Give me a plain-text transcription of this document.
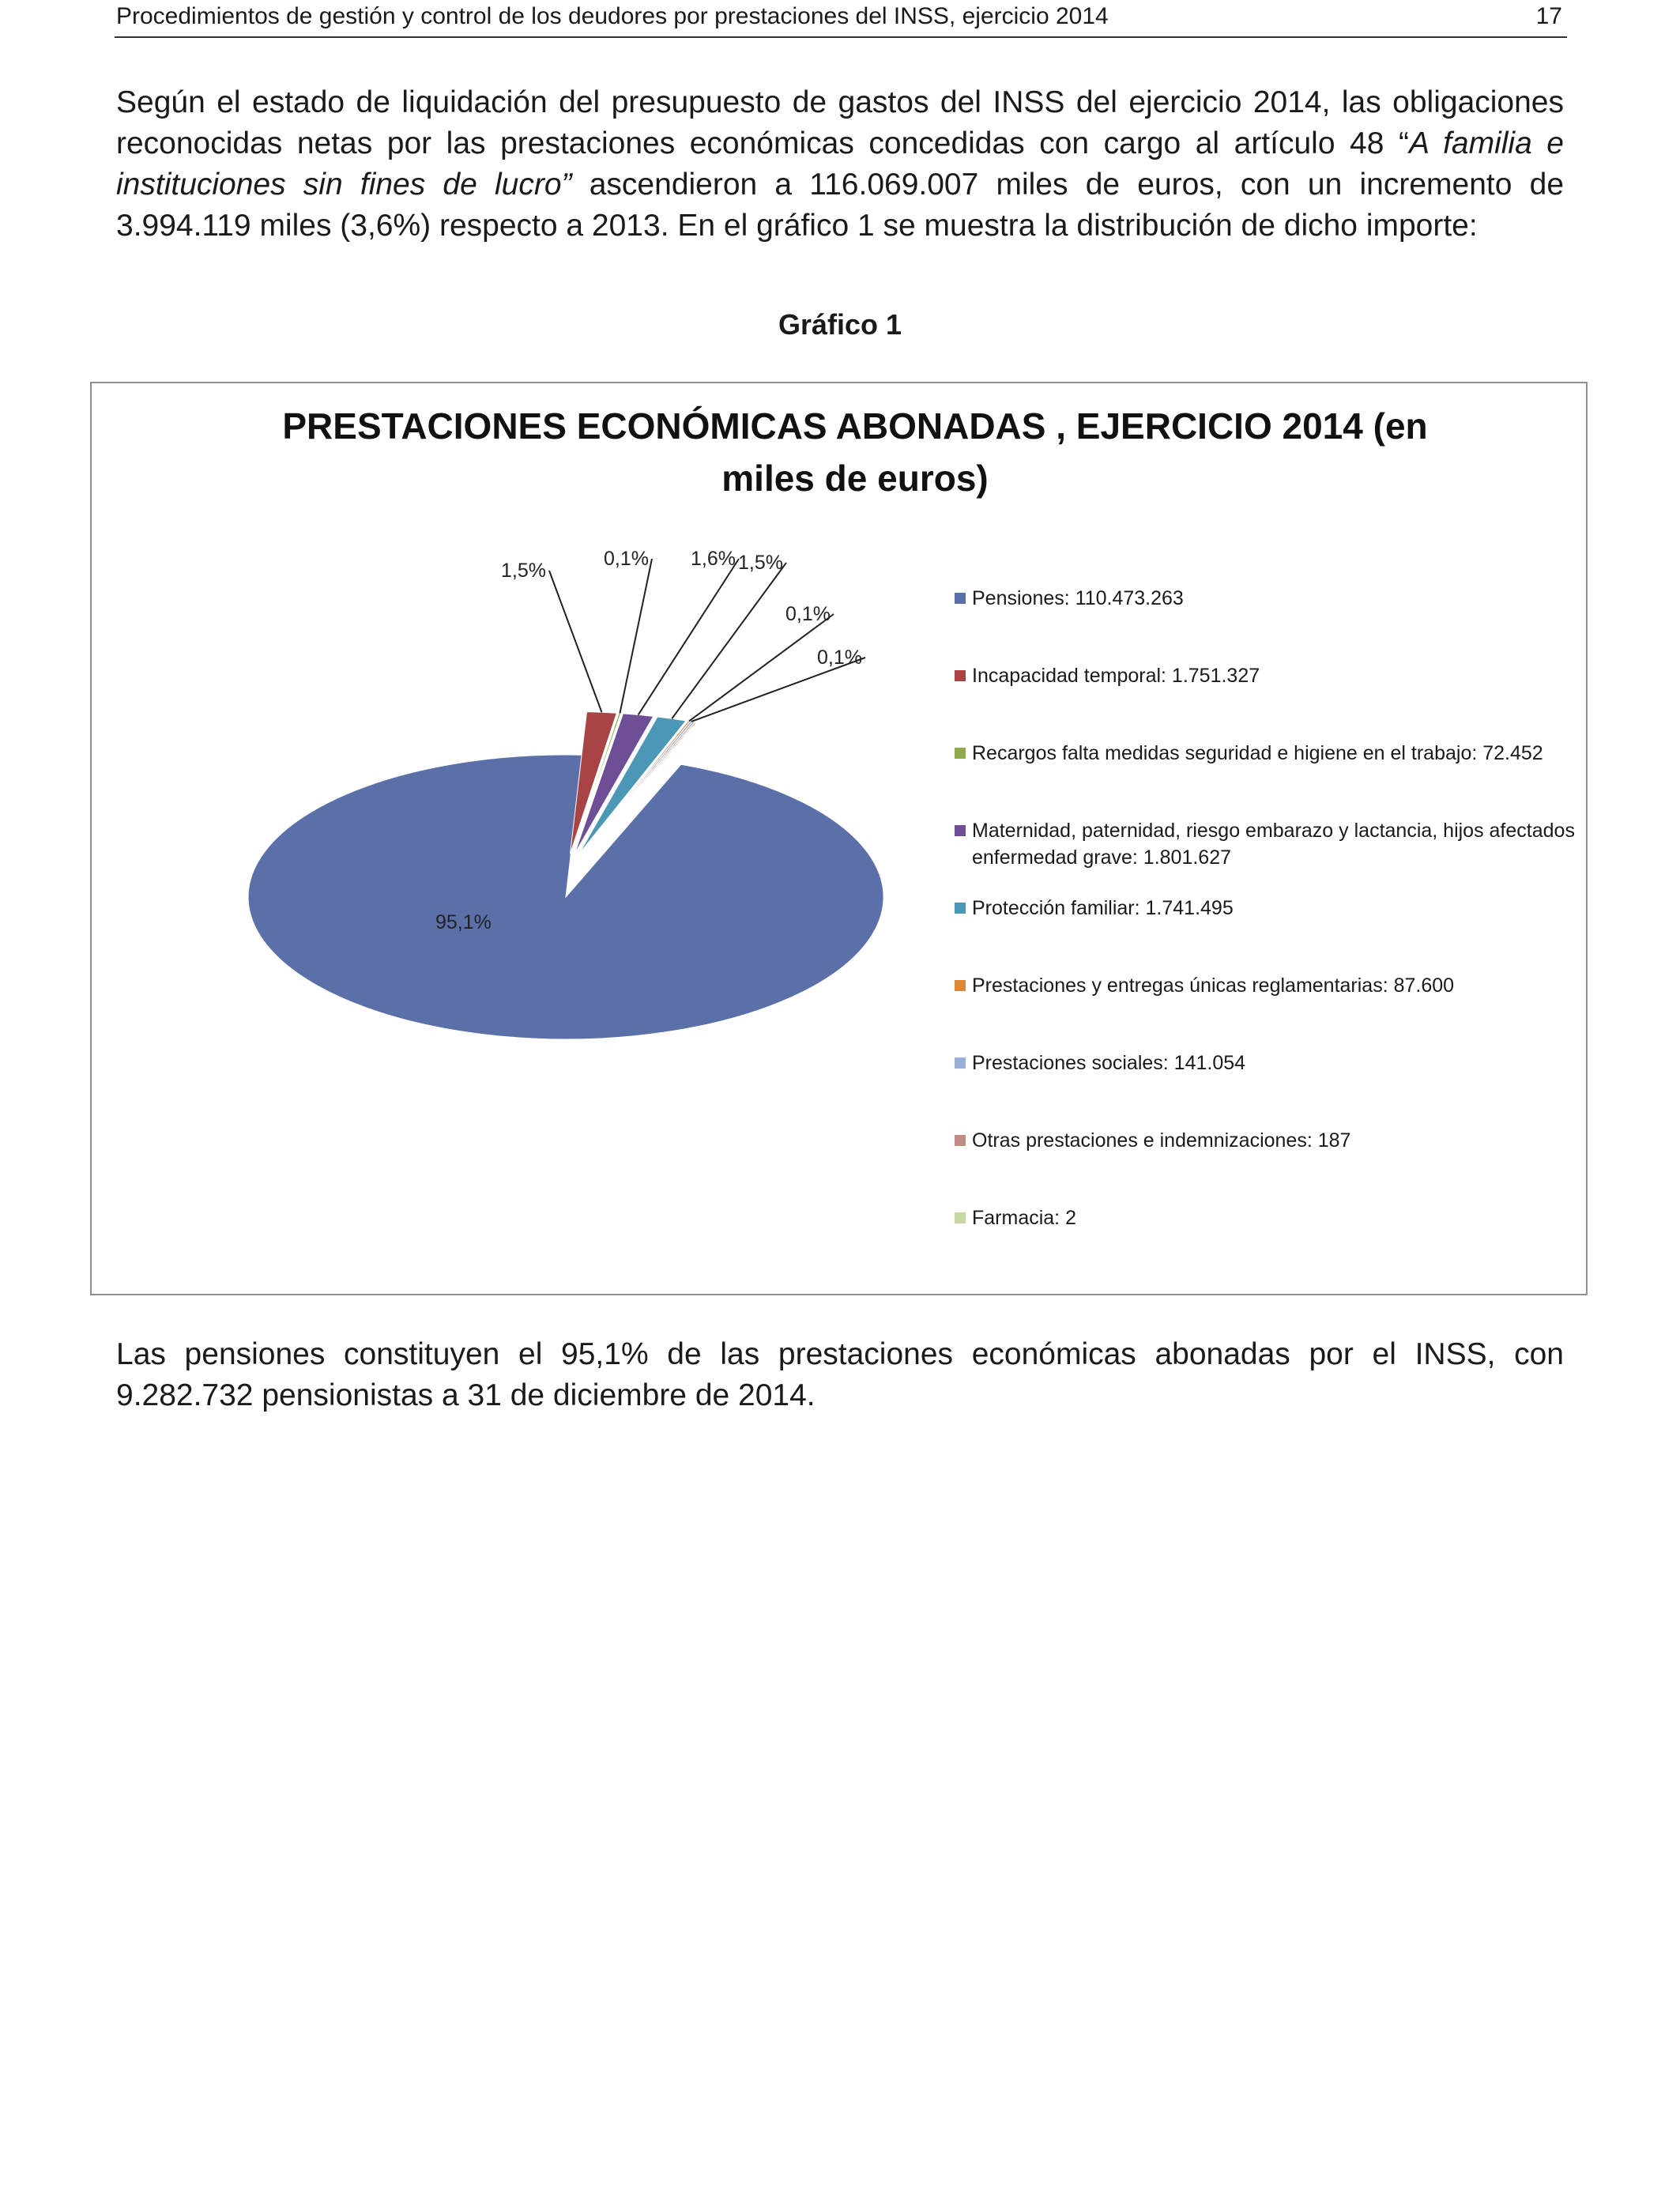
Procedimientos de gestión y control de los deudores por prestaciones del INSS, ejercicio 2014	17
Según el estado de liquidación del presupuesto de gastos del INSS del ejercicio 2014, las obligaciones reconocidas netas por las prestaciones económicas concedidas con cargo al artículo 48 “A familia e instituciones sin fines de lucro” ascendieron a 116.069.007 miles de euros, con un incremento de 3.994.119 miles (3,6%) respecto a 2013. En el gráfico 1 se muestra la distribución de dicho importe:
Gráfico 1
PRESTACIONES ECONÓMICAS ABONADAS , EJERCICIO 2014 (en
miles de euros)
95,1%
1,5%
0,1% 1,6% 1,5%
0,1%
0,1%
Pensiones: 110.473.263
Incapacidad temporal: 1.751.327
Recargos falta medidas seguridad e higiene en el trabajo: 72.452
Maternidad, paternidad, riesgo embarazo y lactancia, hijos afectados enfermedad grave: 1.801.627
Protección familiar: 1.741.495
Prestaciones y entregas únicas reglamentarias: 87.600
Prestaciones sociales: 141.054
Otras prestaciones e indemnizaciones: 187
Farmacia: 2
Las pensiones constituyen el 95,1% de las prestaciones económicas abonadas por el INSS, con 9.282.732 pensionistas a 31 de diciembre de 2014.
